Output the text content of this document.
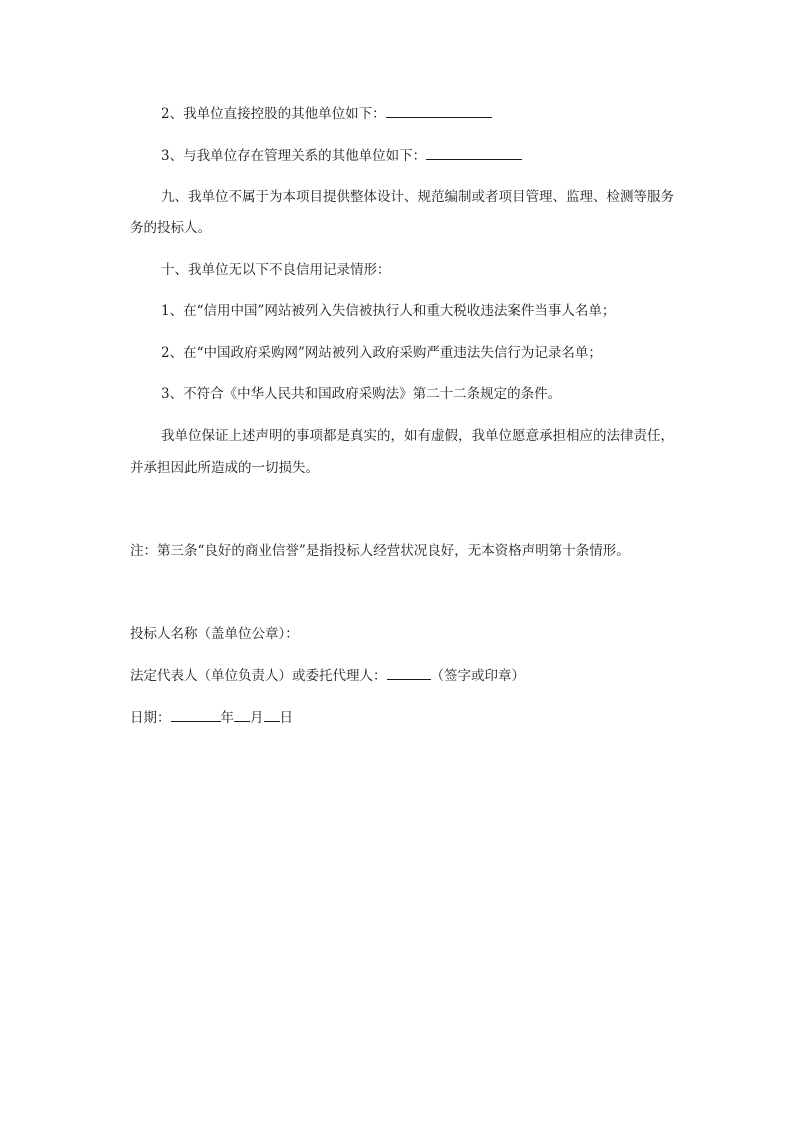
2、我单位直接控股的其他单位如下：
3、与我单位存在管理关系的其他单位如下：
九、我单位不属于为本项目提供整体设计、规范编制或者项目管理、监理、检测等服务
务的投标人。
十、我单位无以下不良信用记录情形：
1、在“信用中国”网站被列入失信被执行人和重大税收违法案件当事人名单；
2、在“中国政府采购网”网站被列入政府采购严重违法失信行为记录名单；
3、不符合《中华人民共和国政府采购法》第二十二条规定的条件。
我单位保证上述声明的事项都是真实的，如有虚假，我单位愿意承担相应的法律责任，
并承担因此所造成的一切损失。
注：第三条“良好的商业信誉”是指投标人经营状况良好，无本资格声明第十条情形。
投标人名称（盖单位公章）：
法定代表人（单位负责人）或委托代理人：	（签字或印章）
日期：	年 月 日
